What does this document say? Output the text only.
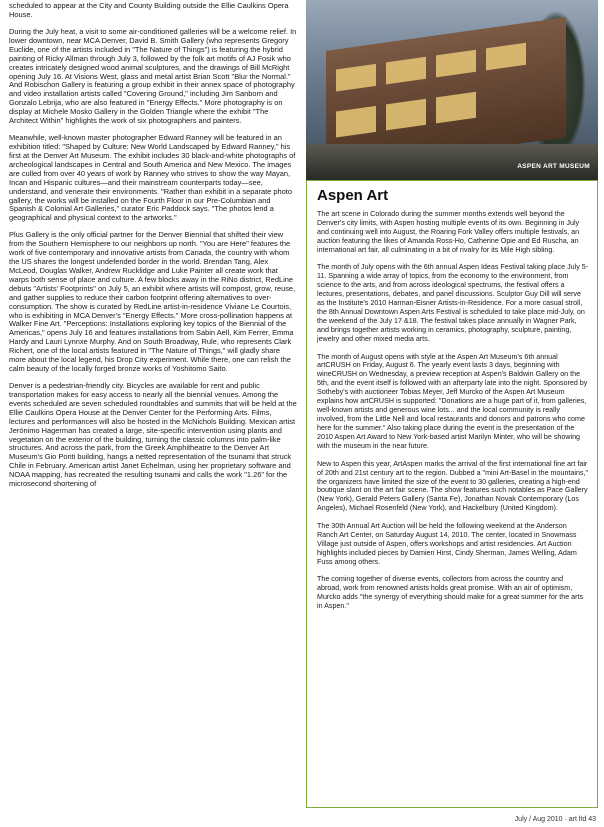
scheduled to appear at the City and County Building outside the Ellie Caulkins Opera House.

During the July heat, a visit to some air-conditioned galleries will be a welcome relief. In lower downtown, near MCA Denver, David B. Smith Gallery (who represents Gregory Euclide, one of the artists included in "The Nature of Things") is featuring the hybrid painting of Ricky Allman through July 3, followed by the folk art motifs of AJ Fosik who creates intricately designed wood animal sculptures, and the drawings of Bill McRight opening July 16. At Visions West, glass and metal artist Brian Scott "Blur the Normal." And Robischon Gallery is featuring a group exhibit in their annex space of photography and video installation artists called "Covering Ground," including Jim Sanborn and Gonzalo Lebrija, who are also featured in "Energy Effects." More photography is on display at Michele Mosko Gallery in the Golden Triangle where the exhibit "The Architect Within" highlights the work of six photographers and painters.

Meanwhile, well-known master photographer Edward Ranney will be featured in an exhibition titled: "Shaped by Culture: New World Landscaped by Edward Ranney," his first at the Denver Art Museum. The exhibit includes 30 black-and-white photographs of archeological landscapes in Central and South America and New Mexico. The images are culled from over 40 years of work by Ranney who strives to show the way Mayan, Incan and Hispanic cultures—and their mainstream counterparts today—see, understand, and venerate their environments. "Rather than exhibit in a separate photo gallery, the works will be installed on the Fourth Floor in our Pre-Columbian and Spanish & Colonial Art Galleries," curator Eric Paddock says. "The photos lend a geographical and physical context to the artworks."

Plus Gallery is the only official partner for the Denver Biennial that shifted their view from the Southern Hemisphere to our neighbors up north. "You are Here" features the work of five contemporary and innovative artists from Canada, the country with whom the US shares the longest undefended border in the world. Brendan Tang, Alex McLeod, Douglas Walker, Andrew Rucklidge and Luke Painter all create work that warps both sense of place and culture. A few blocks away in the RiNo district, RedLine debuts "Artists' Footprints" on July 5, an exhibit where artists will compost, grow, reuse, and gather supplies to reduce their carbon footprint offering alternatives to over-consumption. The show is curated by RedLine artist-in-residence Viviane Le Courtois, who is exhibiting in MCA Denver's "Energy Effects." More cross-pollination happens at Walker Fine Art. "Perceptions: Installations exploring key topics of the Biennial of the Americas," opens July 16 and features installations from Sabin Aell, Kim Ferrer, Emma Hardy and Lauri Lynnxe Murphy. And on South Broadway, Rule, who represents Clark Richert, one of the local artists featured in "The Nature of Things," will gladly share more about the local legend, his Drop City experiment. While there, one can relish the calm beauty of the locally forged bronze works of Yoshitomo Saito.

Denver is a pedestrian-friendly city. Bicycles are available for rent and public transportation makes for easy access to nearly all the biennial venues. Among the events scheduled are seven scheduled roundtables and summits that will be held at the Ellie Caulkins Opera House at the Denver Center for the Performing Arts. Films, lectures and performances will also be hosted in the McNichols Building. Mexican artist Jerónimo Hagerman has created a large, site-specific intervention using plants and vegetation on the exterior of the building, turning the classic columns into palm-like structures. And across the park, from the Greek Amphitheatre to the Denver Art Museum's Gio Ponti building, hangs a netted representation of the tsunami that struck Chile in February. American artist Janet Echelman, using her proprietary software and NOAA mapping, has recreated the resulting tsunami and calls the work "1.26" for the microsecond shortening of

ASPEN ART MUSEUM
Aspen Art

The art scene in Colorado during the summer months extends well beyond the Denver's city limits, with Aspen hosting multiple events of its own. Beginning in July and continuing well into August, the Roaring Fork Valley offers multiple festivals, an auction featuring the likes of Amanda Ross-Ho, Catherine Opie and Ed Ruscha, an international art fair, all culminating in a bit of rivalry for its Mile High sibling.

The month of July opens with the 6th annual Aspen Ideas Festival taking place July 5-11. Spanning a wide array of topics, from the economy to the environment, from science to the arts, and from across ideological spectrums, the festival offers a lectures, presentations, debates, and panel discussions. Sculptor Guy Dill will serve as the Institute's 2010 Harman-Eisner Artists-in-Residence. For a more casual stroll, the 8th Annual Downtown Aspen Arts Festival is scheduled to take place mid-July, on the weekend of the July 17 &18. The festival takes place annually in Wagner Park, and brings together artists working in ceramics, photography, sculpture, painting, jewelry and other mixed media arts.

The month of August opens with style at the Aspen Art Museum's 6th annual artCRUSH on Friday, August 6. The yearly event lasts 3 days, beginning with wineCRUSH on Wednesday, a preview reception at Aspen's Baldwin Gallery on the 5th, and the event itself is followed with an afterparty late into the night. Sponsored by Sotheby's with auctioneer Tobias Meyer, Jeff Murcko of the Aspen Art Museum explains how artCRUSH is supported: "Donations are a huge part of it, from galleries, well-known artists and generous wine lots... and the local community is really involved, from the Little Nell and local restaurants and donors and patrons who come here for the summer." Also taking place during the event is the presentation of the 2010 Aspen Art Award to New York-based artist Marilyn Minter, who will be showing with the museum in the near future.

New to Aspen this year, ArtAspen marks the arrival of the first international fine art fair of 20th and 21st century art to the region. Dubbed a "mini Art-Basel in the mountains," the organizers have limited the size of the event to 30 galleries, creating a high-end boutique slant on the art fair scene. The show features such notables as Pace Gallery (New York), Gerald Peters Gallery (Santa Fe), Jonathan Novak Contemporary (Los Angeles), Michael Rosenfeld (New York), and Hackelbury (United Kingdom).

The 30th Annual Art Auction will be held the following weekend at the Anderson Ranch Art Center, on Saturday August 14, 2010. The center, located in Snowmass Village just outside of Aspen, offers workshops and artist residencies. Art Auction highlights included pieces by Damien Hirst, Cindy Sherman, James Welling, Adam Fuss among others.

The coming together of diverse events, collectors from across the country and abroad, work from renowned artists holds great promise. With an air of optimism, Murcko adds "the synergy of everything should make for a great summer for the arts in Aspen."

July / Aug 2010 · art ltd 43
